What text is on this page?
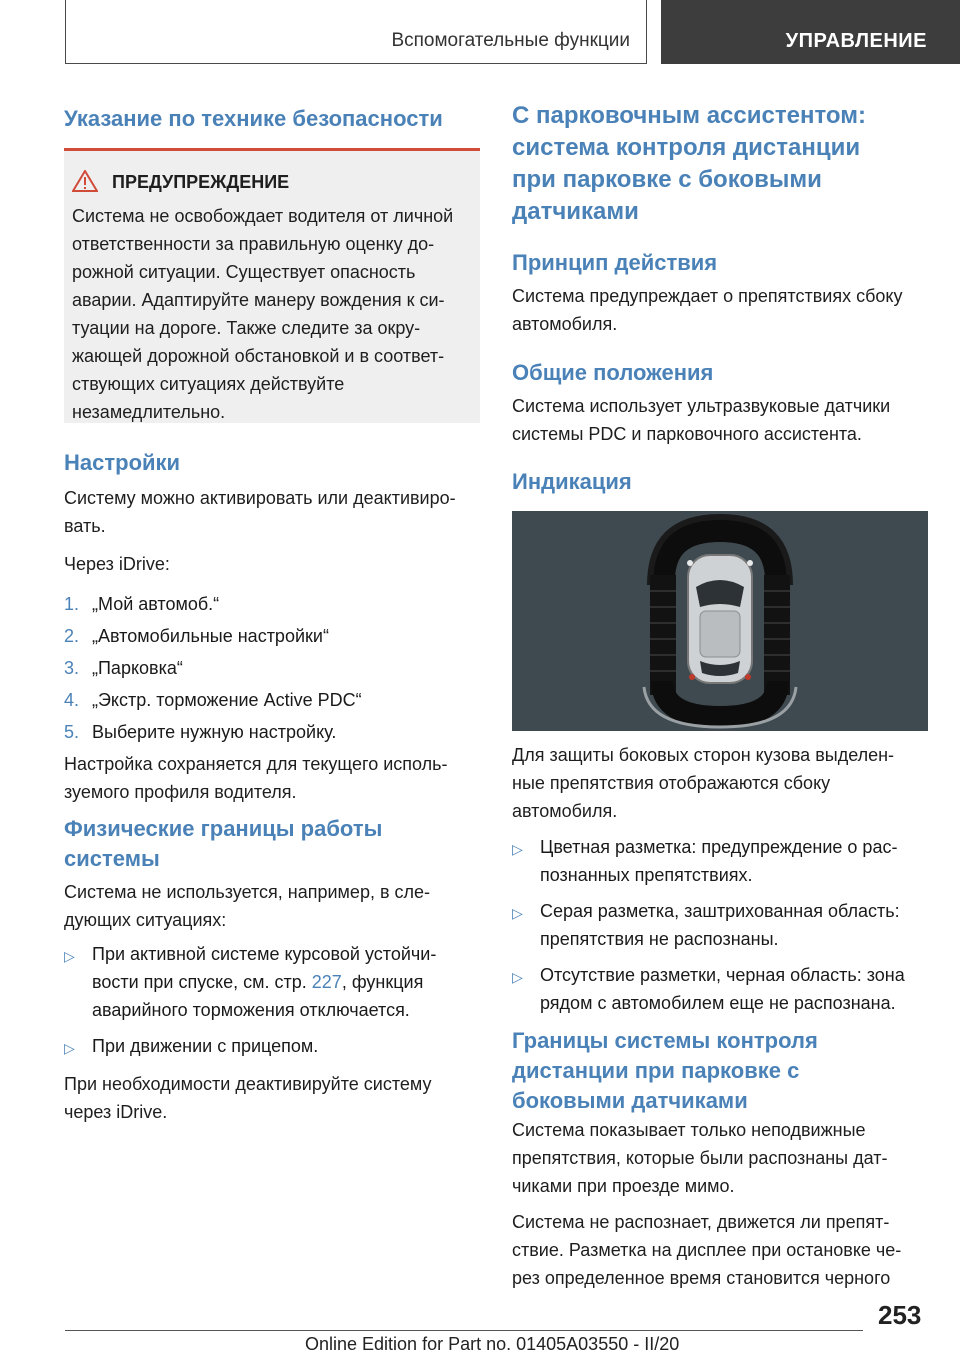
Вспомогательные функции	УПРАВЛЕНИЕ
Указание по технике безопасности
ПРЕДУПРЕЖДЕНИЕ

Система не освобождает водителя от личной

ответственности за правильную оценку до-

рожной ситуации. Существует опасность

аварии. Адаптируйте манеру вождения к си-

туации на дороге. Также следите за окру-

жающей дорожной обстановкой и в соответ-

ствующих ситуациях действуйте

незамедлительно.

Настройки

Систему можно активировать или деактивиро-

вать.

Через iDrive:

1. „Мой автомоб.“
2. „Автомобильные настройки“
3. „Парковка“
4. „Экстр. торможение Active PDC“
5. Выберите нужную настройку.

Настройка сохраняется для текущего исполь-

зуемого профиля водителя.

Физические границы работы
системы

Система не используется, например, в сле-

дующих ситуациях:

▷ При активной системе курсовой устойчи-
вости при спуске, см. стр. 227, функция
аварийного торможения отключается.
▷ При движении с прицепом.

При необходимости деактивируйте систему

через iDrive.

С парковочным ассистентом:
система контроля дистанции
при парковке с боковыми
датчиками
Принцип действия

Система предупреждает о препятствиях сбоку

автомобиля.

Общие положения

Система использует ультразвуковые датчики

системы PDC и парковочного ассистента.

Индикация

Для защиты боковых сторон кузова выделен-

ные препятствия отображаются сбоку

автомобиля.

▷ Цветная разметка: предупреждение о рас-
познанных препятствиях.
▷ Серая разметка, заштрихованная область:
препятствия не распознаны.
▷ Отсутствие разметки, черная область: зона
рядом с автомобилем еще не распознана.
Границы системы контроля
дистанции при парковке с
боковыми датчиками

Система показывает только неподвижные

препятствия, которые были распознаны дат-

чиками при проезде мимо.

Система не распознает, движется ли препят-

ствие. Разметка на дисплее при остановке че-

рез определенное время становится черного

253
Online Edition for Part no. 01405A03550 - II/20
